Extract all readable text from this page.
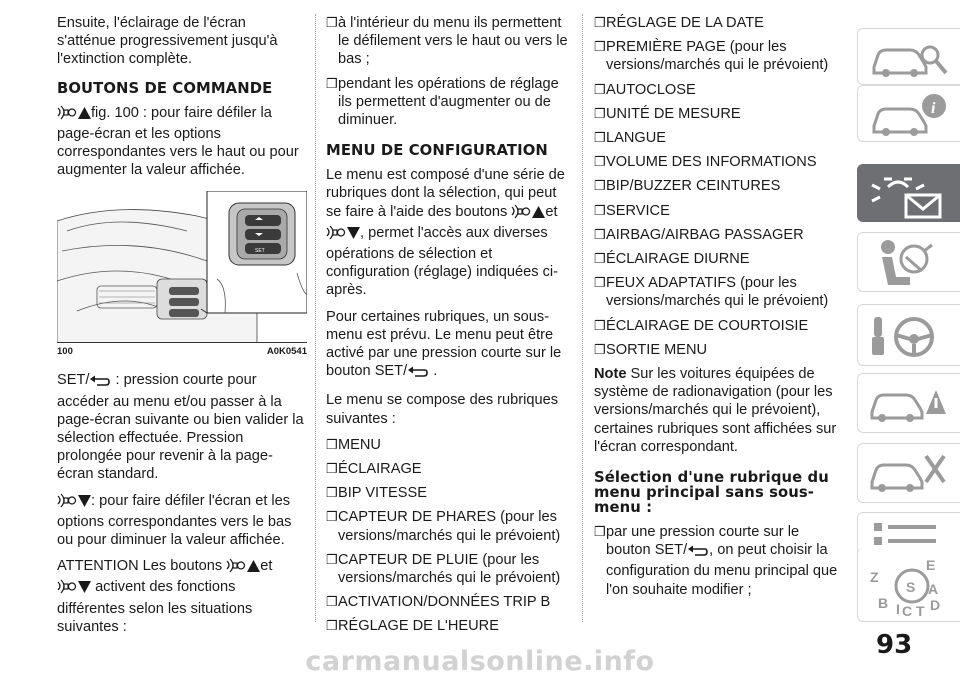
Ensuite, l'éclairage de l'écran s'atténue progressivement jusqu'à l'extinction complète.

BOUTONS DE COMMANDE

fig. 100 : pour faire défiler la page-écran et les options correspondantes vers le haut ou pour augmenter la valeur affichée.

SET
100	A0K0541

SET/ : pression courte pour accéder au menu et/ou passer à la page-écran suivante ou bien valider la sélection effectuée. Pression prolongée pour revenir à la page-écran standard.

: pour faire défiler l'écran et les options correspondantes vers le bas ou pour diminuer la valeur affichée.

ATTENTION Les boutons	et  activent des fonctions différentes selon les situations suivantes :

❒ à l'intérieur du menu ils permettent le défilement vers le haut ou vers le bas ;
❒ pendant les opérations de réglage ils permettent d'augmenter ou de diminuer.
MENU DE CONFIGURATION

Le menu est composé d'une série de rubriques dont la sélection, qui peut se faire à l'aide des boutons	et , permet l'accès aux diverses opérations de sélection et configuration (réglage) indiquées ci-après.

Pour certaines rubriques, un sous-menu est prévu. Le menu peut être activé par une pression courte sur le bouton SET/ .

Le menu se compose des rubriques suivantes :

❒ MENU
❒ ÉCLAIRAGE
❒ BIP VITESSE
❒ CAPTEUR DE PHARES (pour les versions/marchés qui le prévoient)
❒ CAPTEUR DE PLUIE (pour les versions/marchés qui le prévoient)
❒ ACTIVATION/DONNÉES TRIP B
❒ RÉGLAGE DE L'HEURE
❒ RÉGLAGE DE LA DATE
❒ PREMIÈRE PAGE (pour les versions/marchés qui le prévoient)
❒ AUTOCLOSE
❒ UNITÉ DE MESURE
❒ LANGUE
❒ VOLUME DES INFORMATIONS
❒ BIP/BUZZER CEINTURES
❒ SERVICE
❒ AIRBAG/AIRBAG PASSAGER
❒ ÉCLAIRAGE DIURNE
❒ FEUX ADAPTATIFS (pour les versions/marchés qui le prévoient)
❒ ÉCLAIRAGE DE COURTOISIE
❒ SORTIE MENU

Note Sur les voitures équipées de système de radionavigation (pour les versions/marchés qui le prévoient), certaines rubriques sont affichées sur l'écran correspondant.

Sélection d'une rubrique du menu principal sans sous-menu :
❒ par une pression courte sur le bouton SET/ , on peut choisir la configuration du menu principal que l'on souhaite modifier ;
i
Z
E
A
B I C T D
S
93
carmanualsonline.info
